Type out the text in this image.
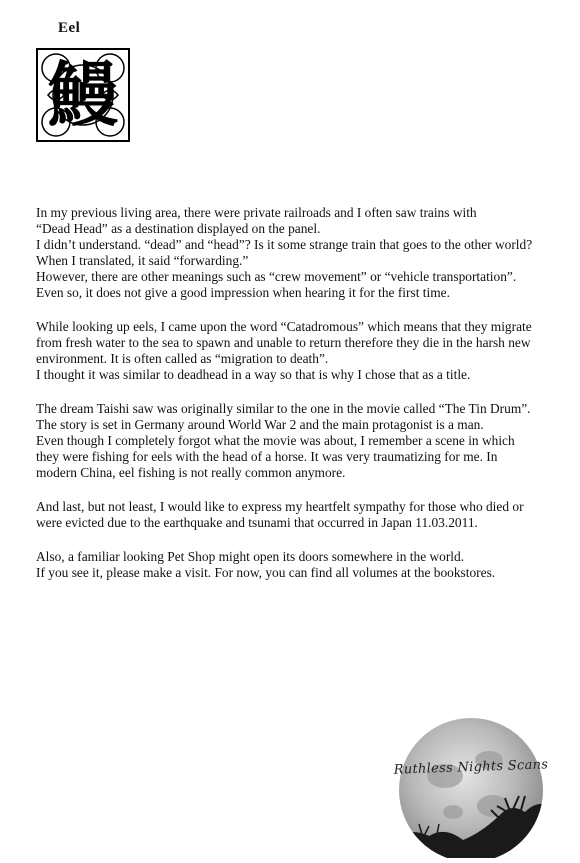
Eel
鰻

In my previous living area, there were private railroads and I often saw trains with
“Dead Head” as a destination displayed on the panel.
I didn’t understand. “dead” and “head”? Is it some strange train that goes to the other world?
When I translated, it said “forwarding.”
However, there are other meanings such as “crew movement” or “vehicle transportation”.
Even so, it does not give a good impression when hearing it for the first time.

While looking up eels, I came upon the word “Catadromous” which means that they migrate
from fresh water to the sea to spawn and unable to return therefore they die in the harsh new
environment. It is often called as “migration to death”.
I thought it was similar to deadhead in a way so that is why I chose that as a title.

The dream Taishi saw was originally similar to the one in the movie called “The Tin Drum”.
The story is set in Germany around World War 2 and the main protagonist is a man.
Even though I completely forgot what the movie was about, I remember a scene in which
they were fishing for eels with the head of a horse. It was very traumatizing for me. In
modern China, eel fishing is not really common anymore.

And last, but not least, I would like to express my heartfelt sympathy for those who died or
were evicted due to the earthquake and tsunami that occurred in Japan 11.03.2011.

Also, a familiar looking Pet Shop might open its doors somewhere in the world.
If you see it, please make a visit. For now, you can find all volumes at the bookstores.

Ruthless Nights Scans
